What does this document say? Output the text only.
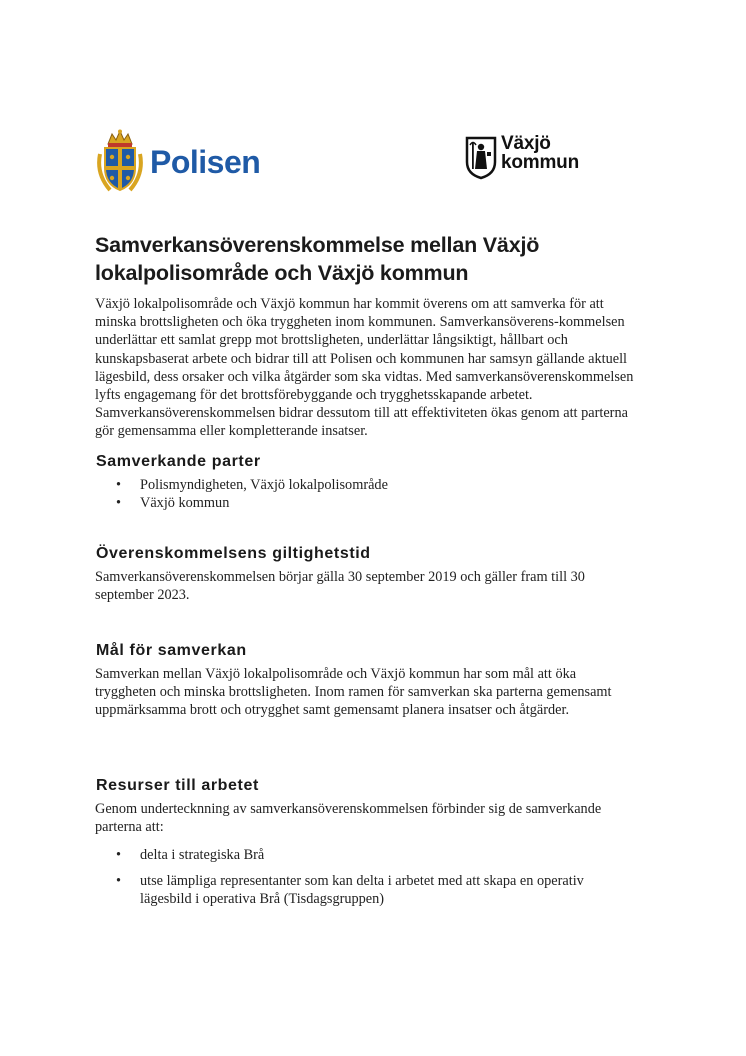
Polisen
Växjö
kommun
Samverkansöverenskommelse mellan Växjö lokalpolisområde och Växjö kommun

Växjö lokalpolisområde och Växjö kommun har kommit överens om att samverka för att minska brottsligheten och öka tryggheten inom kommunen. Samverkansöverens-kommelsen underlättar ett samlat grepp mot brottsligheten, underlättar långsiktigt, hållbart och kunskapsbaserat arbete och bidrar till att Polisen och kommunen har samsyn gällande aktuell lägesbild, dess orsaker och vilka åtgärder som ska vidtas. Med samverkansöverenskommelsen lyfts engagemang för det brottsförebyggande och trygghetsskapande arbetet. Samverkansöverenskommelsen bidrar dessutom till att effektiviteten ökas genom att parterna gör gemensamma eller kompletterande insatser.

Samverkande parter
• Polismyndigheten, Växjö lokalpolisområde
• Växjö kommun
Överenskommelsens giltighetstid

Samverkansöverenskommelsen börjar gälla 30 september 2019 och gäller fram till 30 september 2023.

Mål för samverkan

Samverkan mellan Växjö lokalpolisområde och Växjö kommun har som mål att öka tryggheten och minska brottsligheten. Inom ramen för samverkan ska parterna gemensamt uppmärksamma brott och otrygghet samt gemensamt planera insatser och åtgärder.

Resurser till arbetet

Genom undertecknning av samverkansöverenskommelsen förbinder sig de samverkande parterna att:

• delta i strategiska Brå
• utse lämpliga representanter som kan delta i arbetet med att skapa en operativ lägesbild i operativa Brå (Tisdagsgruppen)
